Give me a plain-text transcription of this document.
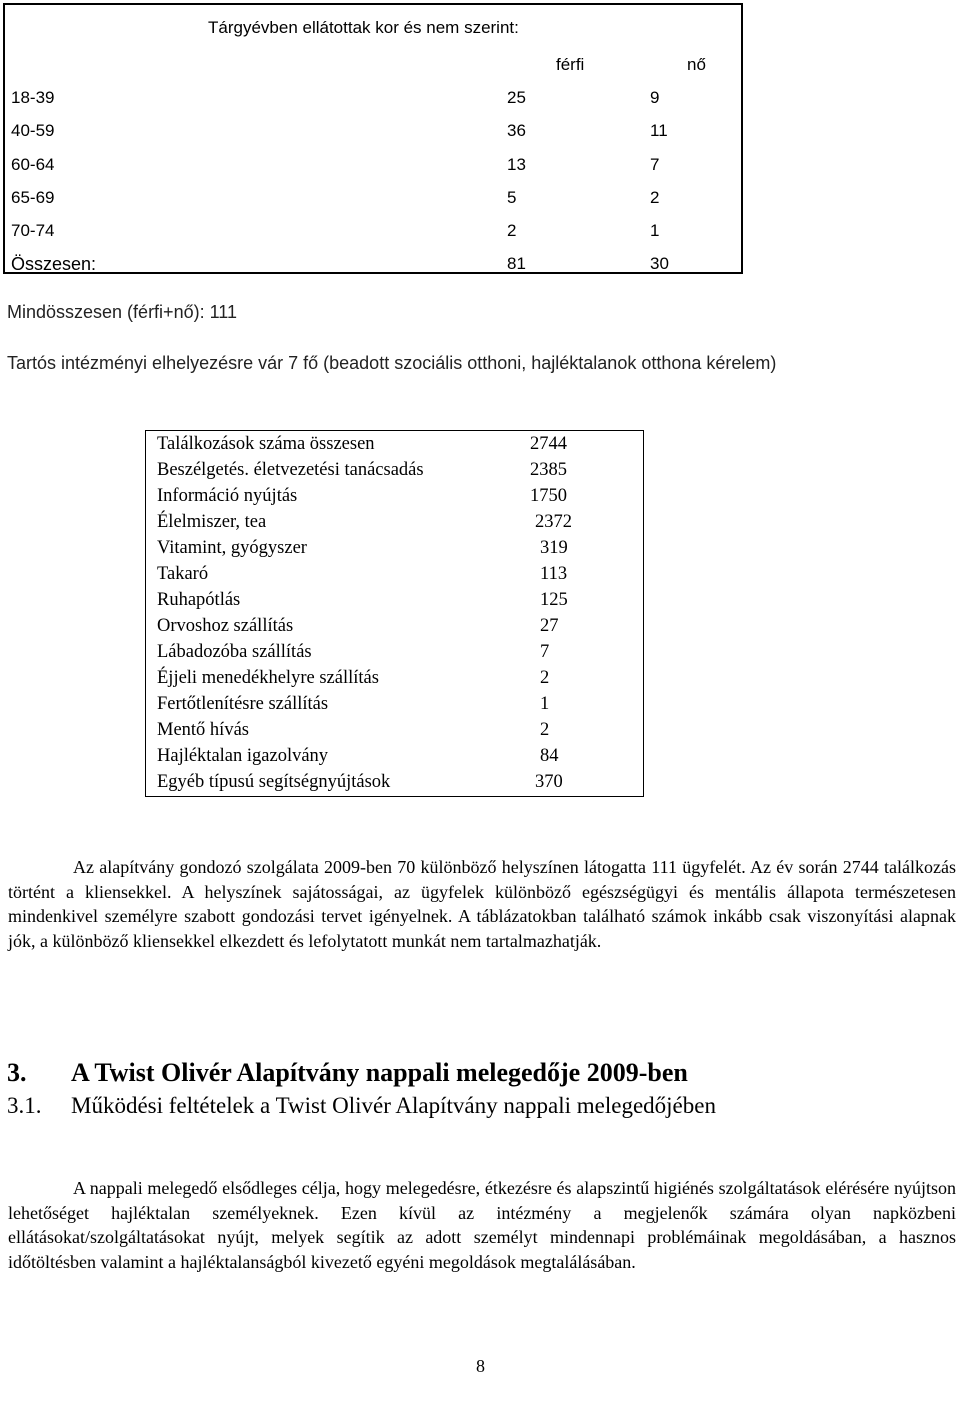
Tárgyévben ellátottak kor és nem szerint:
férfi	nő
18-39	25	9
40-59	36	11
60-64	13	7
65-69	5	2
70-74	2	1
Összesen:	81	30
Mindösszesen (férfi+nő): 111
Tartós intézményi elhelyezésre vár 7 fő (beadott szociális otthoni, hajléktalanok otthona kérelem)
Találkozások száma összesen	2744
Beszélgetés. életvezetési tanácsadás	2385
Információ nyújtás	1750
Élelmiszer, tea	2372
Vitamint, gyógyszer	319
Takaró	113
Ruhapótlás	125
Orvoshoz szállítás	27
Lábadozóba szállítás	7
Éjjeli menedékhelyre szállítás	2
Fertőtlenítésre szállítás	1
Mentő hívás	2
Hajléktalan igazolvány	84
Egyéb típusú segítségnyújtások	370

Az alapítvány gondozó szolgálata 2009-ben 70 különböző helyszínen látogatta 111 ügyfelét. Az év során 2744 találkozás történt a kliensekkel. A helyszínek sajátosságai, az ügyfelek különböző egészségügyi és mentális állapota természetesen mindenkivel személyre szabott gondozási tervet igényelnek. A táblázatokban található számok inkább csak viszonyítási alapnak jók, a különböző kliensekkel elkezdett és lefolytatott munkát nem tartalmazhatják.

3. A Twist Olivér Alapítvány nappali melegedője 2009-ben
3.1. Működési feltételek a Twist Olivér Alapítvány nappali melegedőjében

A nappali melegedő elsődleges célja, hogy melegedésre, étkezésre és alapszintű higiénés szolgáltatások elérésére nyújtson lehetőséget hajléktalan személyeknek. Ezen kívül az intézmény a megjelenők számára olyan napközbeni ellátásokat/szolgáltatásokat nyújt, melyek segítik az adott személyt mindennapi problémáinak megoldásában, a hasznos időtöltésben valamint a hajléktalanságból kivezető egyéni megoldások megtalálásában.

8
